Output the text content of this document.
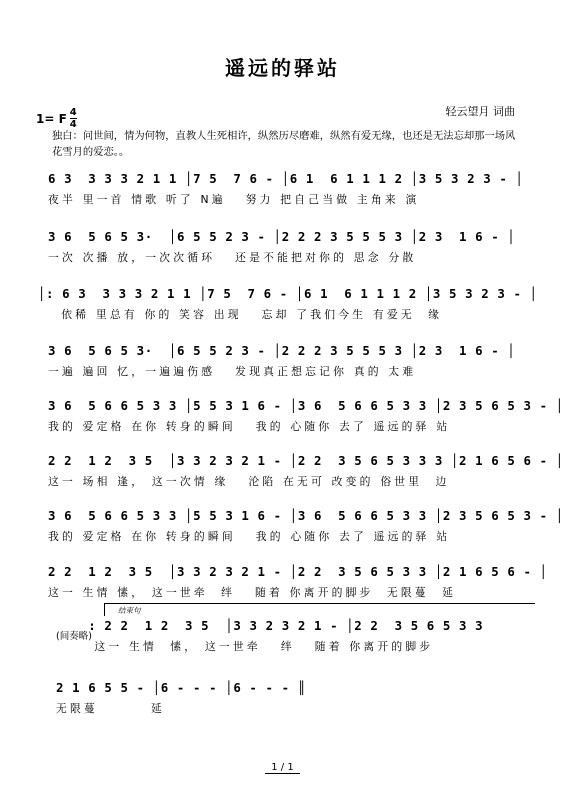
遥远的驿站
1= F $\frac{4}{4}$	轻云望月 词曲
独白：问世间，情为何物，直教人生死相许，纵然历尽磨难，纵然有爱无缘，也还是无法忘却那一场风花雪月的爱恋。。
6 3  3 3 3 2 1 1 │7 5  7 6 - │6 1  6 1 1 1 2 │3 5 3 2 3 - │
夜半 里一首 情歌 听了 N遍   努力 把自己当做 主角来 演
3 6  5 6 5 3·  │6 5 5 2 3 - │2 2 2 3 5 5 5 3 │2 3  1 6 - │
一次 次播 放，一次次循环   还是不能把对你的 思念 分散
│: 6 3  3 3 3 2 1 1 │7 5  7 6 - │6 1  6 1 1 1 2 │3 5 3 2 3 - │
依稀 里总有 你的 笑容 出现   忘却 了我们今生 有爱无  缘
3 6  5 6 5 3·  │6 5 5 2 3 - │2 2 2 3 5 5 5 3 │2 3  1 6 - │
一遍 遍回 忆，一遍遍伤感   发现真正想忘记你 真的 太难
3 6  5 6 6 5 3 3 │5 5 3 1 6 - │3 6  5 6 6 5 3 3 │2 3 5 6 5 3 - │
我的 爱定格 在你 转身的瞬间   我的 心随你 去了 遥远的驿 站
2 2  1 2  3 5  │3 3 2 3 2 1 - │2 2  3 5 6 5 3 3 3 │2 1 6 5 6 - │
这一 场相 逢， 这一次情 缘   沦陷 在无可 改变的 俗世里  边
3 6  5 6 6 5 3 3 │5 5 3 1 6 - │3 6  5 6 6 5 3 3 │2 3 5 6 5 3 - │
我的 爱定格 在你 转身的瞬间   我的 心随你 去了 遥远的驿 站
2 2  1 2  3 5  │3 3 2 3 2 1 - │2 2  3 5 6 5 3 3 │2 1 6 5 6 - │
这一 生情 愫， 这一世牵  绊   随着 你离开的脚步  无限蔓  延
结束句
(间奏略)
: 2 2  1 2  3 5  │3 3 2 3 2 1 - │2 2  3 5 6 5 3 3
这一 生情  愫， 这一世牵   绊   随着 你离开的脚步
2 1 6 5 5 - │6 - - - │6 - - - ║
无限蔓        延
1 / 1
